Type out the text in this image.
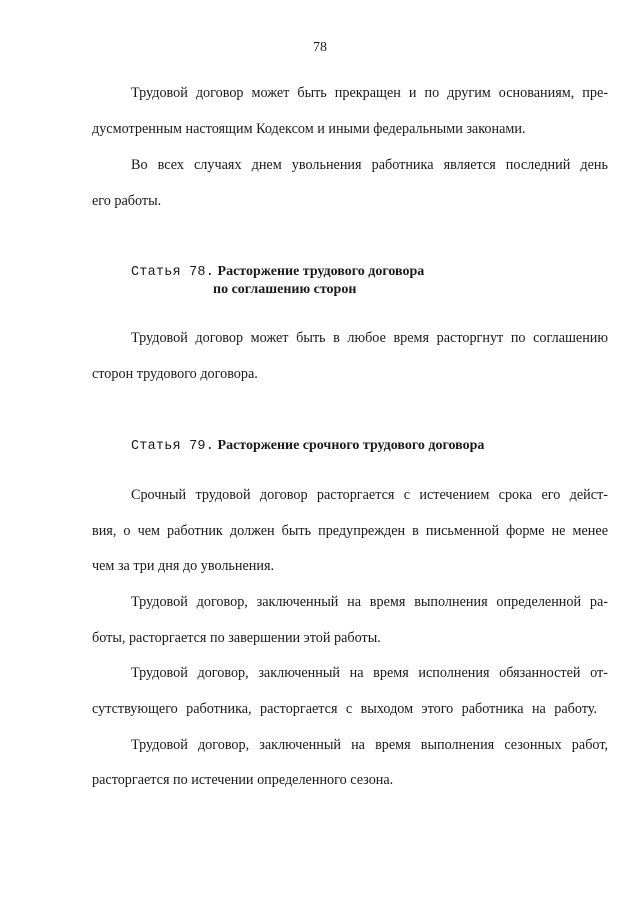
78
Трудовой договор может быть прекращен и по другим основаниям, пре-
дусмотренным настоящим Кодексом и иными федеральными законами.
Во всех случаях днем увольнения работника является последний день
его работы.
Статья 78. Расторжение трудового договора
по соглашению сторон
Трудовой договор может быть в любое время расторгнут по соглашению
сторон трудового договора.
Статья 79. Расторжение срочного трудового договора
Срочный трудовой договор расторгается с истечением срока его дейст-
вия, о чем работник должен быть предупрежден в письменной форме не менее
чем за три дня до увольнения.
Трудовой договор, заключенный на время выполнения определенной ра-
боты, расторгается по завершении этой работы.
Трудовой договор, заключенный на время исполнения обязанностей от-
сутствующего работника, расторгается с выходом этого работника на работу.
Трудовой договор, заключенный на время выполнения сезонных работ,
расторгается по истечении определенного сезона.
